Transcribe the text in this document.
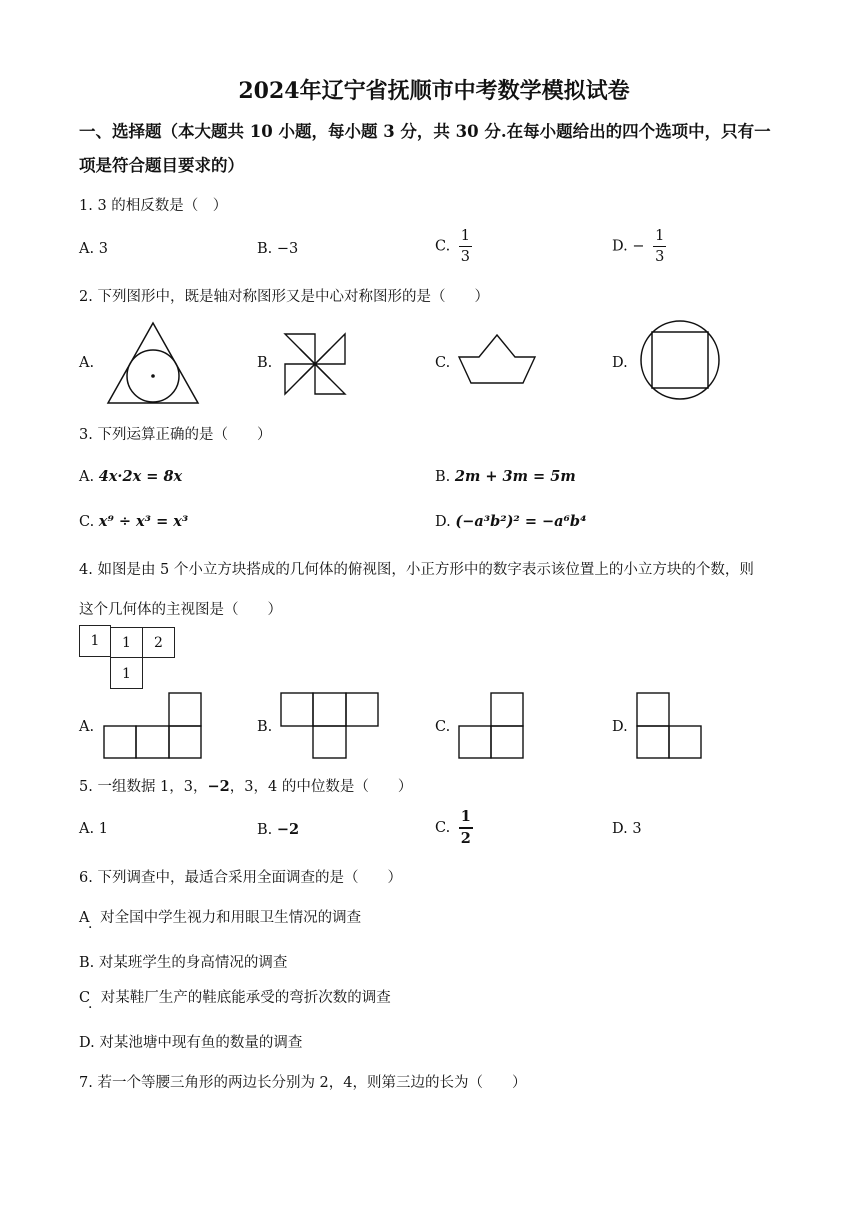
2024年辽宁省抚顺市中考数学模拟试卷
一、选择题（本大题共 10 小题，每小题 3 分，共 30 分.在每小题给出的四个选项中，只有一
项是符合题目要求的）
1. 3 的相反数是（　）
A. 3	B. −3	C. $\frac{1}{3}$	D. − $\frac{1}{3}$
2. 下列图形中，既是轴对称图形又是中心对称图形的是（　　）
A.	B.	C.	D.
3. 下列运算正确的是（　　）
A. 4x·2x = 8x	B. 2m + 3m = 5m
C. x⁹ ÷ x³ = x³	D. (−a³b²)² = −a⁶b⁴
4. 如图是由 5 个小立方块搭成的几何体的俯视图，小正方形中的数字表示该位置上的小立方块的个数，则
这个几何体的主视图是（　　）
1	1	2
1
A.	B.	C.	D.
5. 一组数据 1，3，−2，3，4 的中位数是（　　）
A. 1	B. −2	C. $\frac{1}{2}$	D. 3
6. 下列调查中，最适合采用全面调查的是（　　）
A 对全国中学生视力和用眼卫生情况的调查
·
B. 对某班学生的身高情况的调查
C 对某鞋厂生产的鞋底能承受的弯折次数的调查
·
D. 对某池塘中现有鱼的数量的调查
7. 若一个等腰三角形的两边长分别为 2，4，则第三边的长为（　　）
